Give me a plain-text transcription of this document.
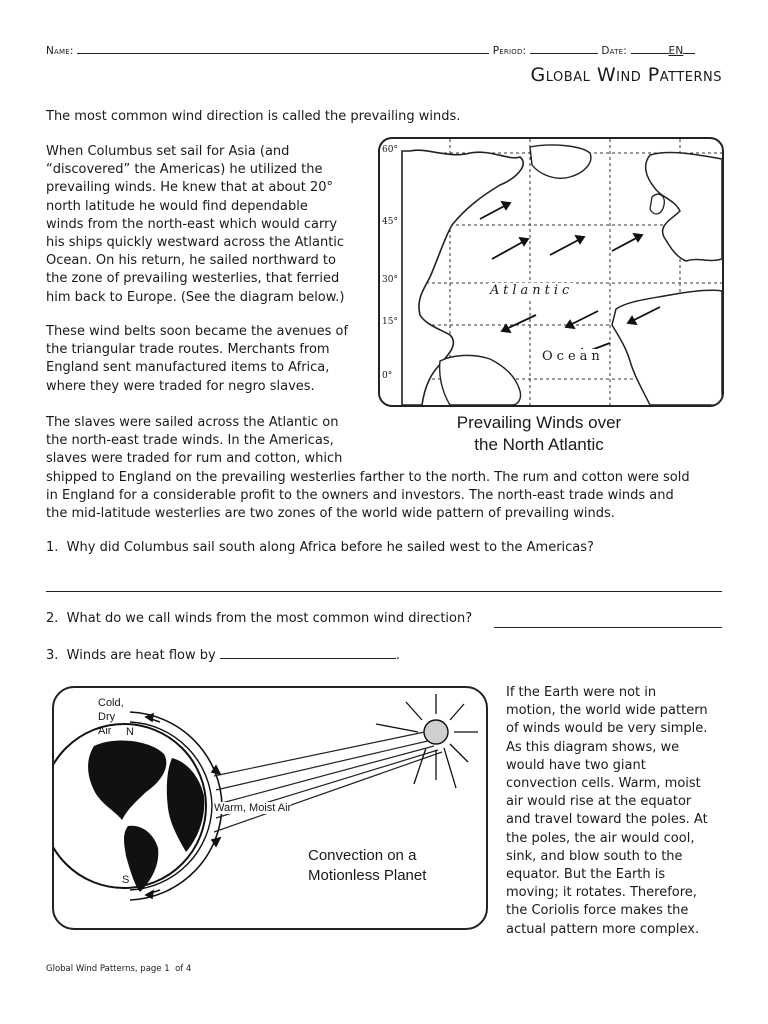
Name:	Period:	Date:	EN
Global Wind Patterns

The most common wind direction is called the prevailing winds.

When Columbus set sail for Asia (and

“discovered” the Americas) he utilized the

prevailing winds. He knew that at about 20°

north latitude he would find dependable

winds from the north-east which would carry

his ships quickly westward across the Atlantic

Ocean. On his return, he sailed northward to

the zone of prevailing westerlies, that ferried

him back to Europe. (See the diagram below.)

These wind belts soon became the avenues of

the triangular trade routes. Merchants from

England sent manufactured items to Africa,

where they were traded for negro slaves.

The slaves were sailed across the Atlantic on

the north-east trade winds. In the Americas,

slaves were traded for rum and cotton, which

shipped to England on the prevailing westerlies farther to the north. The rum and cotton were sold

in England for a considerable profit to the owners and investors. The north-east trade winds and

the mid-latitude westerlies are two zones of the world wide pattern of prevailing winds.

60°
45°
30°
15°
0°
Atlantic
Ocean
Prevailing Winds over
the North Atlantic
1. Why did Columbus sail south along Africa before he sailed west to the Americas?
2. What do we call winds from the most common wind direction?
3. Winds are heat flow by	.
Cold,
Dry
Air	N
S
Warm, Moist Air
Convection on a
Motionless Planet

If the Earth were not in

motion, the world wide pattern

of winds would be very simple.

As this diagram shows, we

would have two giant

convection cells. Warm, moist

air would rise at the equator

and travel toward the poles. At

the poles, the air would cool,

sink, and blow south to the

equator. But the Earth is

moving; it rotates. Therefore,

the Coriolis force makes the

actual pattern more complex.

Global Wind Patterns, page 1 of 4
